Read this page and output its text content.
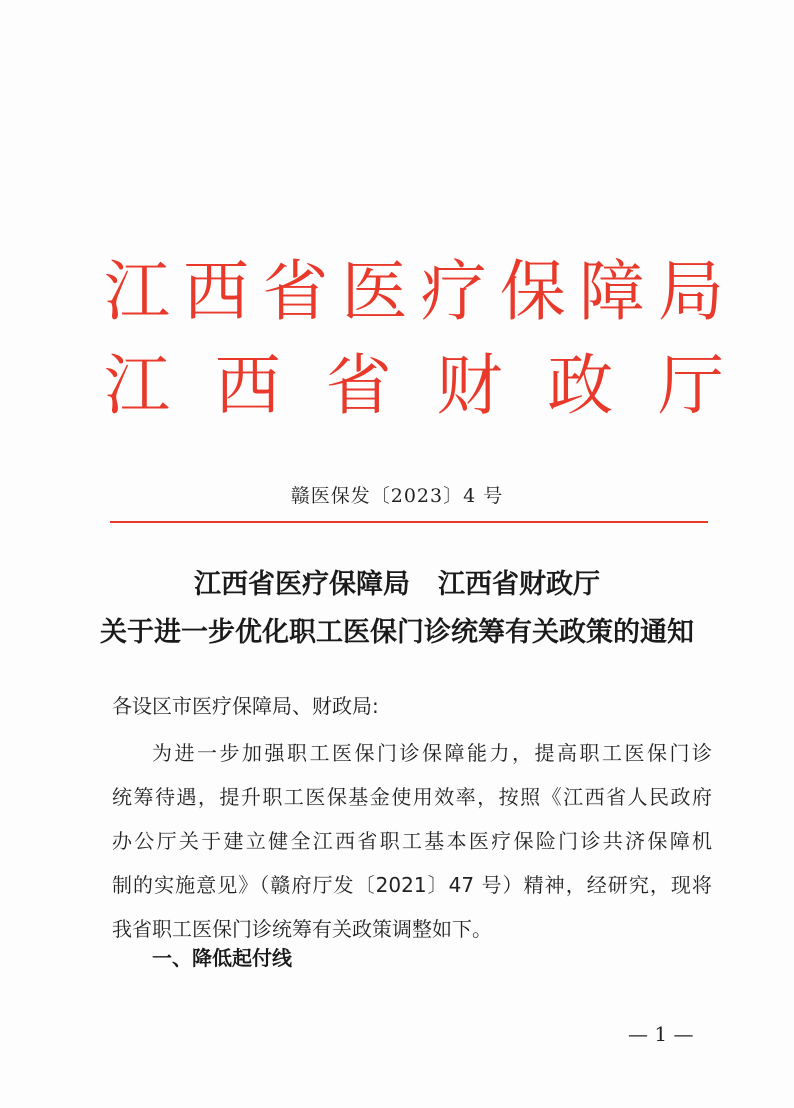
江 西 省 医 疗 保 障 局
江 西 省 财 政 厅
赣医保发〔2023〕4 号
江西省医疗保障局 江西省财政厅
关于进一步优化职工医保门诊统筹有关政策的通知
各设区市医疗保障局、财政局:
为进一步加强职工医保门诊保障能力，提高职工医保门诊
统筹待遇，提升职工医保基金使用效率，按照《江西省人民政府
办公厅关于建立健全江西省职工基本医疗保险门诊共济保障机
制的实施意见》（赣府厅发〔2021〕47 号）精神，经研究，现将
我省职工医保门诊统筹有关政策调整如下。
一、降低起付线
— 1 —
